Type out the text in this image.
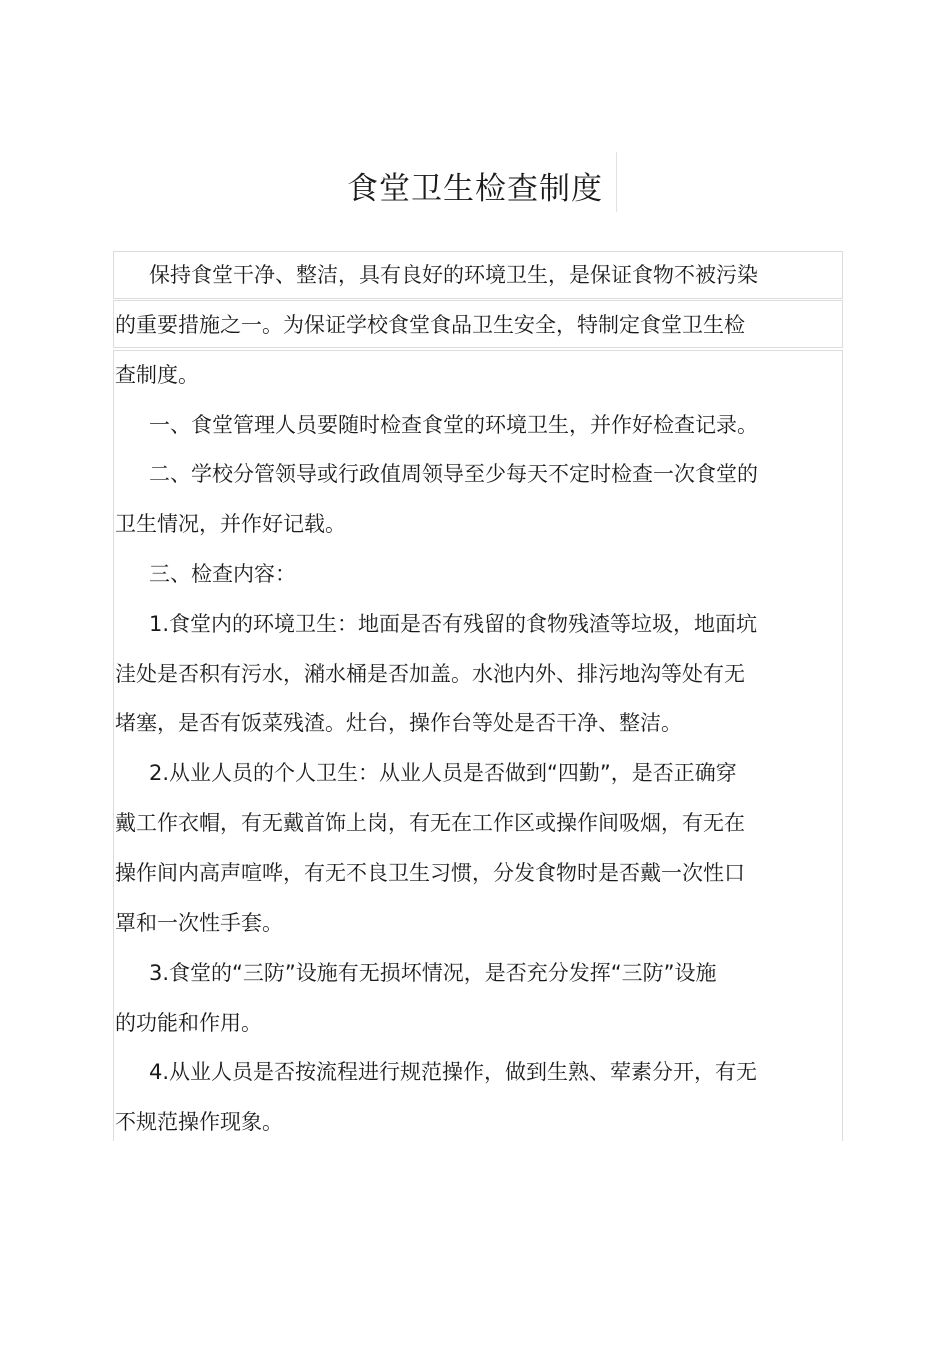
食堂卫生检查制度
保持食堂干净、整洁，具有良好的环境卫生，是保证食物不被污染
的重要措施之一。为保证学校食堂食品卫生安全，特制定食堂卫生检
查制度。
一、食堂管理人员要随时检查食堂的环境卫生，并作好检查记录。
二、学校分管领导或行政值周领导至少每天不定时检查一次食堂的
卫生情况，并作好记载。
三、检查内容：
1.食堂内的环境卫生：地面是否有残留的食物残渣等垃圾，地面坑
洼处是否积有污水，潲水桶是否加盖。水池内外、排污地沟等处有无
堵塞，是否有饭菜残渣。灶台，操作台等处是否干净、整洁。
2.从业人员的个人卫生：从业人员是否做到“四勤”，是否正确穿
戴工作衣帽，有无戴首饰上岗，有无在工作区或操作间吸烟，有无在
操作间内高声喧哗，有无不良卫生习惯，分发食物时是否戴一次性口
罩和一次性手套。
3.食堂的“三防”设施有无损坏情况，是否充分发挥“三防”设施
的功能和作用。
4.从业人员是否按流程进行规范操作，做到生熟、荤素分开，有无
不规范操作现象。
